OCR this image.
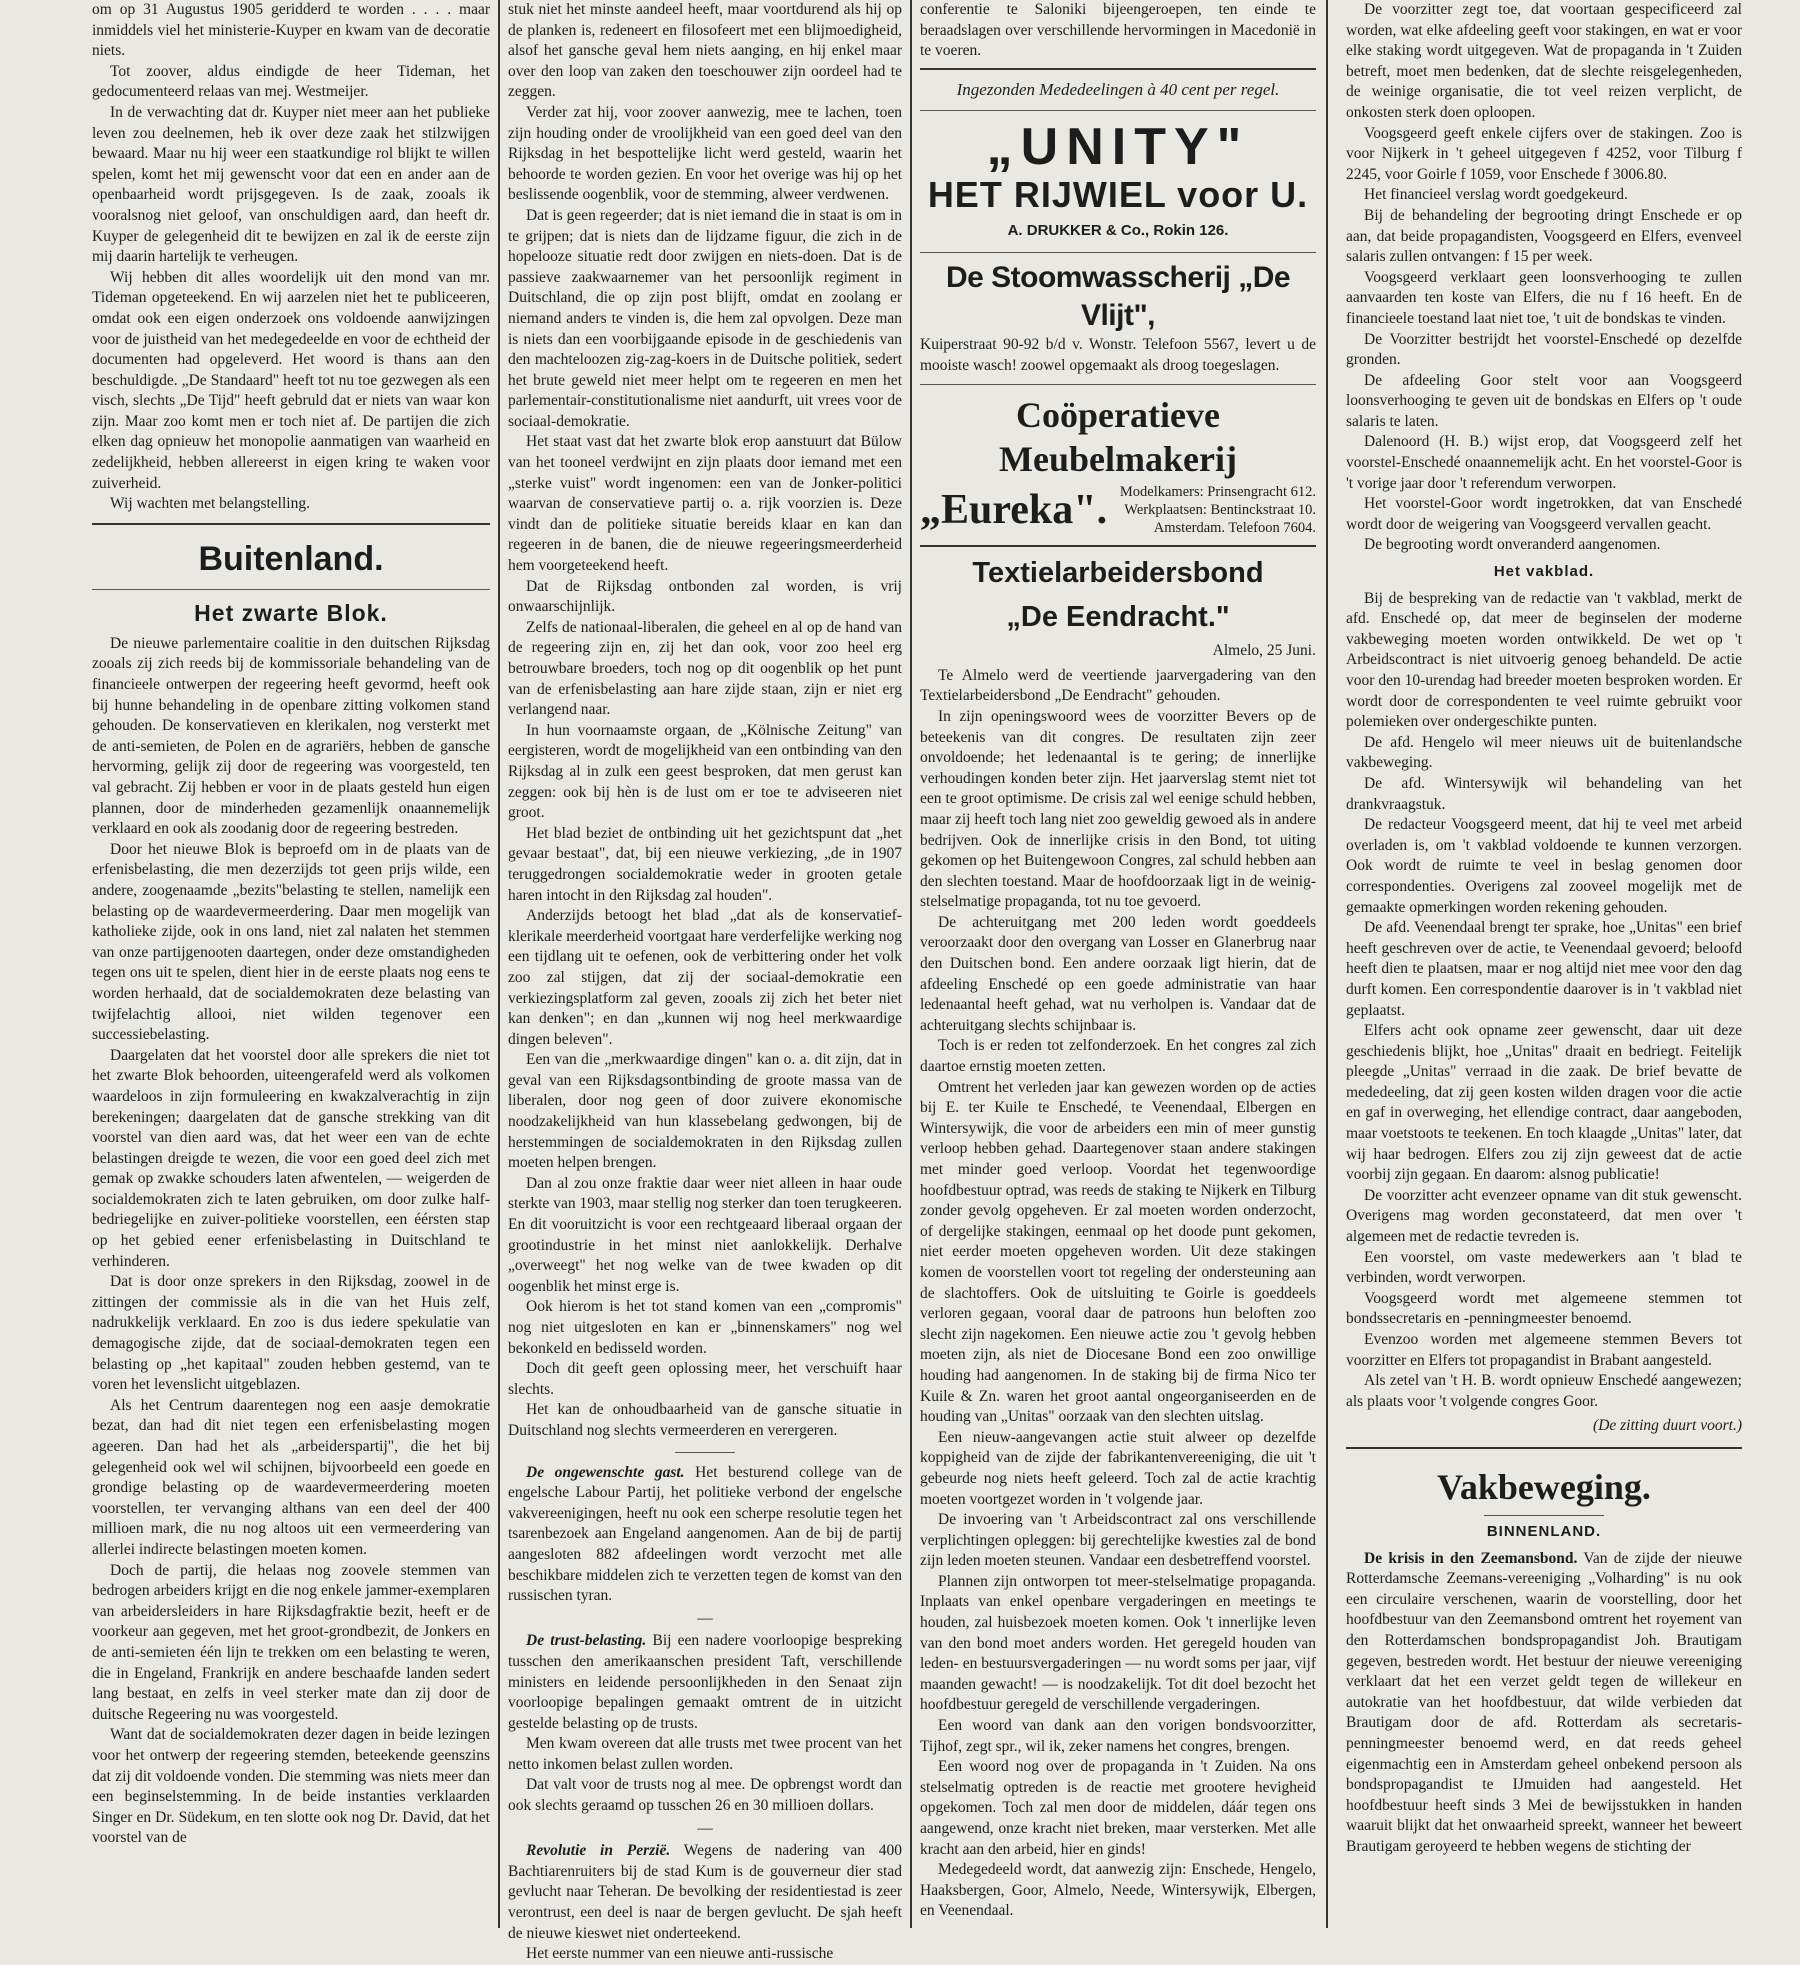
om op 31 Augustus 1905 geridderd te worden . . . . maar inmiddels viel het ministerie-Kuyper en kwam van de decoratie niets.

Tot zoover, aldus eindigde de heer Tideman, het gedocumenteerd relaas van mej. Westmeijer.

In de verwachting dat dr. Kuyper niet meer aan het publieke leven zou deelnemen, heb ik over deze zaak het stilzwijgen bewaard. Maar nu hij weer een staatkundige rol blijkt te willen spelen, komt het mij gewenscht voor dat een en ander aan de openbaarheid wordt prijsgegeven. Is de zaak, zooals ik vooralsnog niet geloof, van onschuldigen aard, dan heeft dr. Kuyper de gelegenheid dit te bewijzen en zal ik de eerste zijn mij daarin hartelijk te verheugen.

Wij hebben dit alles woordelijk uit den mond van mr. Tideman opgeteekend. En wij aarzelen niet het te publiceeren, omdat ook een eigen onderzoek ons voldoende aanwijzingen voor de juistheid van het medegedeelde en voor de echtheid der documenten had opgeleverd. Het woord is thans aan den beschuldigde. „De Standaard" heeft tot nu toe gezwegen als een visch, slechts „De Tijd" heeft gebruld dat er niets van waar kon zijn. Maar zoo komt men er toch niet af. De partijen die zich elken dag opnieuw het monopolie aanmatigen van waarheid en zedelijkheid, hebben allereerst in eigen kring te waken voor zuiverheid.

Wij wachten met belangstelling.

Buitenland.
Het zwarte Blok.

De nieuwe parlementaire coalitie in den duitschen Rijksdag zooals zij zich reeds bij de kommissoriale behandeling van de financieele ontwerpen der regeering heeft gevormd, heeft ook bij hunne behandeling in de openbare zitting volkomen stand gehouden. De konservatieven en klerikalen, nog versterkt met de anti-semieten, de Polen en de agrariërs, hebben de gansche hervorming, gelijk zij door de regeering was voorgesteld, ten val gebracht. Zij hebben er voor in de plaats gesteld hun eigen plannen, door de minderheden gezamenlijk onaannemelijk verklaard en ook als zoodanig door de regeering bestreden.

Door het nieuwe Blok is beproefd om in de plaats van de erfenisbelasting, die men dezerzijds tot geen prijs wilde, een andere, zoogenaamde „bezits"belasting te stellen, namelijk een belasting op de waardevermeerdering. Daar men mogelijk van katholieke zijde, ook in ons land, niet zal nalaten het stemmen van onze partijgenooten daartegen, onder deze omstandigheden tegen ons uit te spelen, dient hier in de eerste plaats nog eens te worden herhaald, dat de socialdemokraten deze belasting van twijfelachtig allooi, niet wilden tegenover een successiebelasting.

Daargelaten dat het voorstel door alle sprekers die niet tot het zwarte Blok behoorden, uiteengerafeld werd als volkomen waardeloos in zijn formuleering en kwakzalverachtig in zijn berekeningen; daargelaten dat de gansche strekking van dit voorstel van dien aard was, dat het weer een van de echte belastingen dreigde te wezen, die voor een goed deel zich met gemak op zwakke schouders laten afwentelen, — weigerden de socialdemokraten zich te laten gebruiken, om door zulke half-bedriegelijke en zuiver-politieke voorstellen, een éérsten stap op het gebied eener erfenisbelasting in Duitschland te verhinderen.

Dat is door onze sprekers in den Rijksdag, zoowel in de zittingen der commissie als in die van het Huis zelf, nadrukkelijk verklaard. En zoo is dus iedere spekulatie van demagogische zijde, dat de sociaal-demokraten tegen een belasting op „het kapitaal" zouden hebben gestemd, van te voren het levenslicht uitgeblazen.

Als het Centrum daarentegen nog een aasje demokratie bezat, dan had dit niet tegen een erfenisbelasting mogen ageeren. Dan had het als „arbeiderspartij", die het bij gelegenheid ook wel wil schijnen, bijvoorbeeld een goede en grondige belasting op de waardevermeerdering moeten voorstellen, ter vervanging althans van een deel der 400 millioen mark, die nu nog altoos uit een vermeerdering van allerlei indirecte belastingen moeten komen.

Doch de partij, die helaas nog zoovele stemmen van bedrogen arbeiders krijgt en die nog enkele jammer-exemplaren van arbeidersleiders in hare Rijksdagfraktie bezit, heeft er de voorkeur aan gegeven, met het groot-grondbezit, de Jonkers en de anti-semieten één lijn te trekken om een belasting te weren, die in Engeland, Frankrijk en andere beschaafde landen sedert lang bestaat, en zelfs in veel sterker mate dan zij door de duitsche Regeering nu was voorgesteld.

Want dat de socialdemokraten dezer dagen in beide lezingen voor het ontwerp der regeering stemden, beteekende geenszins dat zij dit voldoende vonden. Die stemming was niets meer dan een beginselstemming. In de beide instanties verklaarden Singer en Dr. Südekum, en ten slotte ook nog Dr. David, dat het voorstel van de

stuk niet het minste aandeel heeft, maar voortdurend als hij op de planken is, redeneert en filosofeert met een blijmoedigheid, alsof het gansche geval hem niets aanging, en hij enkel maar over den loop van zaken den toeschouwer zijn oordeel had te zeggen.

Verder zat hij, voor zoover aanwezig, mee te lachen, toen zijn houding onder de vroolijkheid van een goed deel van den Rijksdag in het bespottelijke licht werd gesteld, waarin het behoorde te worden gezien. En voor het overige was hij op het beslissende oogenblik, voor de stemming, alweer verdwenen.

Dat is geen regeerder; dat is niet iemand die in staat is om in te grijpen; dat is niets dan de lijdzame figuur, die zich in de hopelooze situatie redt door zwijgen en niets-doen. Dat is de passieve zaakwaarnemer van het persoonlijk regiment in Duitschland, die op zijn post blijft, omdat en zoolang er niemand anders te vinden is, die hem zal opvolgen. Deze man is niets dan een voorbijgaande episode in de geschiedenis van den machteloozen zig-zag-koers in de Duitsche politiek, sedert het brute geweld niet meer helpt om te regeeren en men het parlementair-constitutionalisme niet aandurft, uit vrees voor de sociaal-demokratie.

Het staat vast dat het zwarte blok erop aanstuurt dat Bülow van het tooneel verdwijnt en zijn plaats door iemand met een „sterke vuist" wordt ingenomen: een van de Jonker-politici waarvan de conservatieve partij o. a. rijk voorzien is. Deze vindt dan de politieke situatie bereids klaar en kan dan regeeren in de banen, die de nieuwe regeeringsmeerderheid hem voorgeteekend heeft.

Dat de Rijksdag ontbonden zal worden, is vrij onwaarschijnlijk.

Zelfs de nationaal-liberalen, die geheel en al op de hand van de regeering zijn en, zij het dan ook, voor zoo heel erg betrouwbare broeders, toch nog op dit oogenblik op het punt van de erfenisbelasting aan hare zijde staan, zijn er niet erg verlangend naar.

In hun voornaamste orgaan, de „Kölnische Zeitung" van eergisteren, wordt de mogelijkheid van een ontbinding van den Rijksdag al in zulk een geest besproken, dat men gerust kan zeggen: ook bij hèn is de lust om er toe te adviseeren niet groot.

Het blad beziet de ontbinding uit het gezichtspunt dat „het gevaar bestaat", dat, bij een nieuwe verkiezing, „de in 1907 teruggedrongen socialdemokratie weder in grooten getale haren intocht in den Rijksdag zal houden".

Anderzijds betoogt het blad „dat als de konservatief-klerikale meerderheid voortgaat hare verderfelijke werking nog een tijdlang uit te oefenen, ook de verbittering onder het volk zoo zal stijgen, dat zij der sociaal-demokratie een verkiezingsplatform zal geven, zooals zij zich het beter niet kan denken"; en dan „kunnen wij nog heel merkwaardige dingen beleven".

Een van die „merkwaardige dingen" kan o. a. dit zijn, dat in geval van een Rijksdagsontbinding de groote massa van de liberalen, door nog geen of door zuivere ekonomische noodzakelijkheid van hun klassebelang gedwongen, bij de herstemmingen de socialdemokraten in den Rijksdag zullen moeten helpen brengen.

Dan al zou onze fraktie daar weer niet alleen in haar oude sterkte van 1903, maar stellig nog sterker dan toen terugkeeren. En dit vooruitzicht is voor een rechtgeaard liberaal orgaan der grootindustrie in het minst niet aanlokkelijk. Derhalve „overweegt" het nog welke van de twee kwaden op dit oogenblik het minst erge is.

Ook hierom is het tot stand komen van een „compromis" nog niet uitgesloten en kan er „binnenskamers" nog wel bekonkeld en bedisseld worden.

Doch dit geeft geen oplossing meer, het verschuift haar slechts.

Het kan de onhoudbaarheid van de gansche situatie in Duitschland nog slechts vermeerderen en verergeren.

De ongewenschte gast. Het besturend college van de engelsche Labour Partij, het politieke verbond der engelsche vakvereenigingen, heeft nu ook een scherpe resolutie tegen het tsarenbezoek aan Engeland aangenomen. Aan de bij de partij aangesloten 882 afdeelingen wordt verzocht met alle beschikbare middelen zich te verzetten tegen de komst van den russischen tyran.

—

De trust-belasting. Bij een nadere voorloopige bespreking tusschen den amerikaanschen president Taft, verschillende ministers en leidende persoonlijkheden in den Senaat zijn voorloopige bepalingen gemaakt omtrent de in uitzicht gestelde belasting op de trusts.

Men kwam overeen dat alle trusts met twee procent van het netto inkomen belast zullen worden.

Dat valt voor de trusts nog al mee. De opbrengst wordt dan ook slechts geraamd op tusschen 26 en 30 millioen dollars.

—

Revolutie in Perzië. Wegens de nadering van 400 Bachtiarenruiters bij de stad Kum is de gouverneur dier stad gevlucht naar Teheran. De bevolking der residentiestad is zeer verontrust, een deel is naar de bergen gevlucht. De sjah heeft de nieuwe kieswet niet onderteekend.

Het eerste nummer van een nieuwe anti-russische

conferentie te Saloniki bijeengeroepen, ten einde te beraadslagen over verschillende hervormingen in Macedonië in te voeren.

Ingezonden Mededeelingen à 40 cent per regel.
„UNITY"
HET RIJWIEL voor U.
A. DRUKKER & Co., Rokin 126.
De Stoomwasscherij „De Vlijt",
Kuiperstraat 90-92 b/d v. Wonstr. Telefoon 5567, levert u de mooiste wasch! zoowel opgemaakt als droog toegeslagen.
Coöperatieve Meubelmakerij
„Eureka". Modelkamers: Prinsengracht 612.
Werkplaatsen: Bentinckstraat 10.
Amsterdam. Telefoon 7604.
Textielarbeidersbond
„De Eendracht."
Almelo, 25 Juni.

Te Almelo werd de veertiende jaarvergadering van den Textielarbeidersbond „De Eendracht" gehouden.

In zijn openingswoord wees de voorzitter Bevers op de beteekenis van dit congres. De resultaten zijn zeer onvoldoende; het ledenaantal is te gering; de innerlijke verhoudingen konden beter zijn. Het jaarverslag stemt niet tot een te groot optimisme. De crisis zal wel eenige schuld hebben, maar zij heeft toch lang niet zoo geweldig gewoed als in andere bedrijven. Ook de innerlijke crisis in den Bond, tot uiting gekomen op het Buitengewoon Congres, zal schuld hebben aan den slechten toestand. Maar de hoofdoorzaak ligt in de weinig-stelselmatige propaganda, tot nu toe gevoerd.

De achteruitgang met 200 leden wordt goeddeels veroorzaakt door den overgang van Losser en Glanerbrug naar den Duitschen bond. Een andere oorzaak ligt hierin, dat de afdeeling Enschedé op een goede administratie van haar ledenaantal heeft gehad, wat nu verholpen is. Vandaar dat de achteruitgang slechts schijnbaar is.

Toch is er reden tot zelfonderzoek. En het congres zal zich daartoe ernstig moeten zetten.

Omtrent het verleden jaar kan gewezen worden op de acties bij E. ter Kuile te Enschedé, te Veenendaal, Elbergen en Wintersywijk, die voor de arbeiders een min of meer gunstig verloop hebben gehad. Daartegenover staan andere stakingen met minder goed verloop. Voordat het tegenwoordige hoofdbestuur optrad, was reeds de staking te Nijkerk en Tilburg zonder gevolg opgeheven. Er zal moeten worden onderzocht, of dergelijke stakingen, eenmaal op het doode punt gekomen, niet eerder moeten opgeheven worden. Uit deze stakingen komen de voorstellen voort tot regeling der ondersteuning aan de slachtoffers. Ook de uitsluiting te Goirle is goeddeels verloren gegaan, vooral daar de patroons hun beloften zoo slecht zijn nagekomen. Een nieuwe actie zou 't gevolg hebben moeten zijn, als niet de Diocesane Bond een zoo onwillige houding had aangenomen. In de staking bij de firma Nico ter Kuile & Zn. waren het groot aantal ongeorganiseerden en de houding van „Unitas" oorzaak van den slechten uitslag.

Een nieuw-aangevangen actie stuit alweer op dezelfde koppigheid van de zijde der fabrikantenvereeniging, die uit 't gebeurde nog niets heeft geleerd. Toch zal de actie krachtig moeten voortgezet worden in 't volgende jaar.

De invoering van 't Arbeidscontract zal ons verschillende verplichtingen opleggen: bij gerechtelijke kwesties zal de bond zijn leden moeten steunen. Vandaar een desbetreffend voorstel.

Plannen zijn ontworpen tot meer-stelselmatige propaganda. Inplaats van enkel openbare vergaderingen en meetings te houden, zal huisbezoek moeten komen. Ook 't innerlijke leven van den bond moet anders worden. Het geregeld houden van leden- en bestuursvergaderingen — nu wordt soms per jaar, vijf maanden gewacht! — is noodzakelijk. Tot dit doel bezocht het hoofdbestuur geregeld de verschillende vergaderingen.

Een woord van dank aan den vorigen bondsvoorzitter, Tijhof, zegt spr., wil ik, zeker namens het congres, brengen.

Een woord nog over de propaganda in 't Zuiden. Na ons stelselmatig optreden is de reactie met grootere hevigheid opgekomen. Toch zal men door de middelen, dáár tegen ons aangewend, onze kracht niet breken, maar versterken. Met alle kracht aan den arbeid, hier en ginds!

Medegedeeld wordt, dat aanwezig zijn: Enschede, Hengelo, Haaksbergen, Goor, Almelo, Neede, Wintersywijk, Elbergen, en Veenendaal.

De voorzitter zegt toe, dat voortaan gespecificeerd zal worden, wat elke afdeeling geeft voor stakingen, en wat er voor elke staking wordt uitgegeven. Wat de propaganda in 't Zuiden betreft, moet men bedenken, dat de slechte reisgelegenheden, de weinige organisatie, die tot veel reizen verplicht, de onkosten sterk doen oploopen.

Voogsgeerd geeft enkele cijfers over de stakingen. Zoo is voor Nijkerk in 't geheel uitgegeven f 4252, voor Tilburg f 2245, voor Goirle f 1059, voor Enschede f 3006.80.

Het financieel verslag wordt goedgekeurd.

Bij de behandeling der begrooting dringt Enschede er op aan, dat beide propagandisten, Voogsgeerd en Elfers, evenveel salaris zullen ontvangen: f 15 per week.

Voogsgeerd verklaart geen loonsverhooging te zullen aanvaarden ten koste van Elfers, die nu f 16 heeft. En de financieele toestand laat niet toe, 't uit de bondskas te vinden.

De Voorzitter bestrijdt het voorstel-Enschedé op dezelfde gronden.

De afdeeling Goor stelt voor aan Voogsgeerd loonsverhooging te geven uit de bondskas en Elfers op 't oude salaris te laten.

Dalenoord (H. B.) wijst erop, dat Voogsgeerd zelf het voorstel-Enschedé onaannemelijk acht. En het voorstel-Goor is 't vorige jaar door 't referendum verworpen.

Het voorstel-Goor wordt ingetrokken, dat van Enschedé wordt door de weigering van Voogsgeerd vervallen geacht.

De begrooting wordt onveranderd aangenomen.

Het vakblad.

Bij de bespreking van de redactie van 't vakblad, merkt de afd. Enschedé op, dat meer de beginselen der moderne vakbeweging moeten worden ontwikkeld. De wet op 't Arbeidscontract is niet uitvoerig genoeg behandeld. De actie voor den 10-urendag had breeder moeten besproken worden. Er wordt door de correspondenten te veel ruimte gebruikt voor polemieken over ondergeschikte punten.

De afd. Hengelo wil meer nieuws uit de buitenlandsche vakbeweging.

De afd. Wintersywijk wil behandeling van het drankvraagstuk.

De redacteur Voogsgeerd meent, dat hij te veel met arbeid overladen is, om 't vakblad voldoende te kunnen verzorgen. Ook wordt de ruimte te veel in beslag genomen door correspondenties. Overigens zal zooveel mogelijk met de gemaakte opmerkingen worden rekening gehouden.

De afd. Veenendaal brengt ter sprake, hoe „Unitas" een brief heeft geschreven over de actie, te Veenendaal gevoerd; beloofd heeft dien te plaatsen, maar er nog altijd niet mee voor den dag durft komen. Een correspondentie daarover is in 't vakblad niet geplaatst.

Elfers acht ook opname zeer gewenscht, daar uit deze geschiedenis blijkt, hoe „Unitas" draait en bedriegt. Feitelijk pleegde „Unitas" verraad in die zaak. De brief bevatte de mededeeling, dat zij geen kosten wilden dragen voor die actie en gaf in overweging, het ellendige contract, daar aangeboden, maar voetstoots te teekenen. En toch klaagde „Unitas" later, dat wij haar bedrogen. Elfers zou zij zijn geweest dat de actie voorbij zijn gegaan. En daarom: alsnog publicatie!

De voorzitter acht evenzeer opname van dit stuk gewenscht. Overigens mag worden geconstateerd, dat men over 't algemeen met de redactie tevreden is.

Een voorstel, om vaste medewerkers aan 't blad te verbinden, wordt verworpen.

Voogsgeerd wordt met algemeene stemmen tot bondssecretaris en -penningmeester benoemd.

Evenzoo worden met algemeene stemmen Bevers tot voorzitter en Elfers tot propagandist in Brabant aangesteld.

Als zetel van 't H. B. wordt opnieuw Enschedé aangewezen; als plaats voor 't volgende congres Goor.

(De zitting duurt voort.)
Vakbeweging.
BINNENLAND.

De krisis in den Zeemansbond. Van de zijde der nieuwe Rotterdamsche Zeemans-vereeniging „Volharding" is nu ook een circulaire verschenen, waarin de voorstelling, door het hoofdbestuur van den Zeemansbond omtrent het royement van den Rotterdamschen bondspropagandist Joh. Brautigam gegeven, bestreden wordt. Het bestuur der nieuwe vereeniging verklaart dat het een verzet geldt tegen de willekeur en autokratie van het hoofdbestuur, dat wilde verbieden dat Brautigam door de afd. Rotterdam als secretaris-penningmeester benoemd werd, en dat reeds geheel eigenmachtig een in Amsterdam geheel onbekend persoon als bondspropagandist te IJmuiden had aangesteld. Het hoofdbestuur heeft sinds 3 Mei de bewijsstukken in handen waaruit blijkt dat het onwaarheid spreekt, wanneer het beweert Brautigam geroyeerd te hebben wegens de stichting der
